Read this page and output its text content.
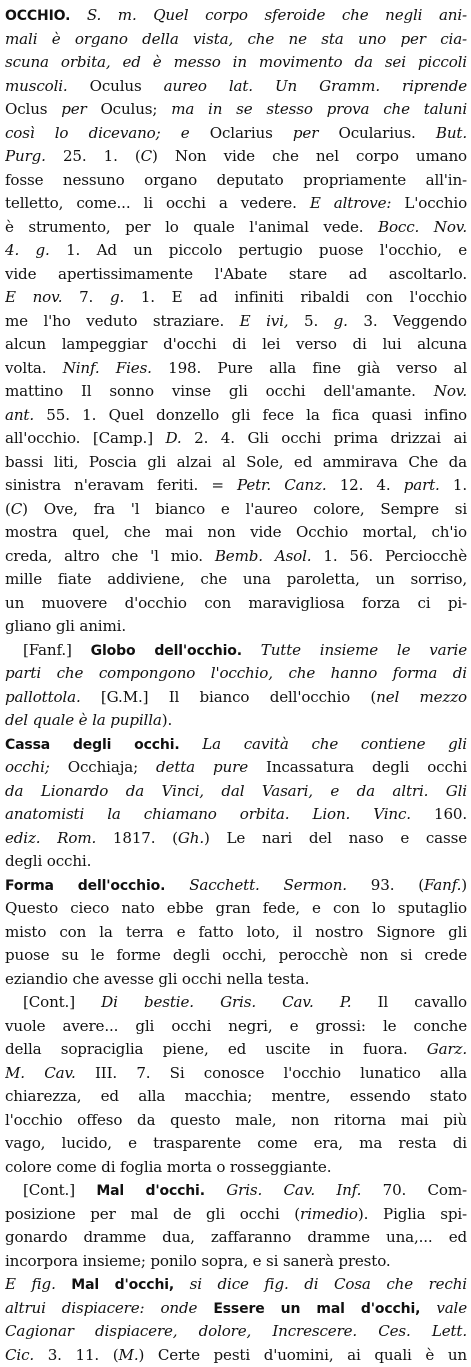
OCCHIO. S. m. Quel corpo sferoide che negli ani-
mali è organo della vista, che ne sta uno per cia-
scuna orbita, ed è messo in movimento da sei piccoli
muscoli. Oculus aureo lat. Un Gramm. riprende
Oclus per Oculus; ma in se stesso prova che taluni
così lo dicevano; e Oclarius per Ocularius. But.
Purg. 25. 1. (C) Non vide che nel corpo umano
fosse nessuno organo deputato propriamente all'in-
telletto, come... li occhi a vedere. E altrove: L'occhio
è strumento, per lo quale l'animal vede. Bocc. Nov.
4. g. 1. Ad un piccolo pertugio puose l'occhio, e
vide apertissimamente l'Abate stare ad ascoltarlo.
E nov. 7. g. 1. E ad infiniti ribaldi con l'occhio
me l'ho veduto straziare. E ivi, 5. g. 3. Veggendo
alcun lampeggiar d'occhi di lei verso di lui alcuna
volta. Ninf. Fies. 198. Pure alla fine già verso al
mattino Il sonno vinse gli occhi dell'amante. Nov.
ant. 55. 1. Quel donzello gli fece la fica quasi infino
all'occhio. [Camp.] D. 2. 4. Gli occhi prima drizzai ai
bassi liti, Poscia gli alzai al Sole, ed ammirava Che da
sinistra n'eravam feriti. = Petr. Canz. 12. 4. part. 1.
(C) Ove, fra 'l bianco e l'aureo colore, Sempre si
mostra quel, che mai non vide Occhio mortal, ch'io
creda, altro che 'l mio. Bemb. Asol. 1. 56. Perciocchè
mille fiate addiviene, che una paroletta, un sorriso,
un muovere d'occhio con maravigliosa forza ci pi-
gliano gli animi.
[Fanf.] Globo dell'occhio. Tutte insieme le varie
parti che compongono l'occhio, che hanno forma di
pallottola. [G.M.] Il bianco dell'occhio (nel mezzo
del quale è la pupilla).
Cassa degli occhi. La cavità che contiene gli
occhi; Occhiaja; detta pure Incassatura degli occhi
da Lionardo da Vinci, dal Vasari, e da altri. Gli
anatomisti la chiamano orbita. Lion. Vinc. 160.
ediz. Rom. 1817. (Gh.) Le nari del naso e casse
degli occhi.
Forma dell'occhio. Sacchett. Sermon. 93. (Fanf.)
Questo cieco nato ebbe gran fede, e con lo sputaglio
misto con la terra e fatto loto, il nostro Signore gli
puose su le forme degli occhi, perocchè non si crede
eziandio che avesse gli occhi nella testa.
[Cont.] Di bestie. Gris. Cav. P. Il cavallo
vuole avere... gli occhi negri, e grossi: le conche
della sopraciglia piene, ed uscite in fuora. Garz.
M. Cav. III. 7. Si conosce l'occhio lunatico alla
chiarezza, ed alla macchia; mentre, essendo stato
l'occhio offeso da questo male, non ritorna mai più
vago, lucido, e trasparente come era, ma resta di
colore come di foglia morta o rosseggiante.
[Cont.] Mal d'occhi. Gris. Cav. Inf. 70. Com-
posizione per mal de gli occhi (rimedio). Piglia spi-
gonardo dramme dua, zaffaranno dramme una,... ed
incorpora insieme; ponilo sopra, e si sanerà presto.
E fig. Mal d'occhi, si dice fig. di Cosa che rechi
altrui dispiacere: onde Essere un mal d'occhi, vale
Cagionar dispiacere, dolore, Increscere. Ces. Lett.
Cic. 3. 11. (M.) Certe pesti d'uomini, ai quali è un
